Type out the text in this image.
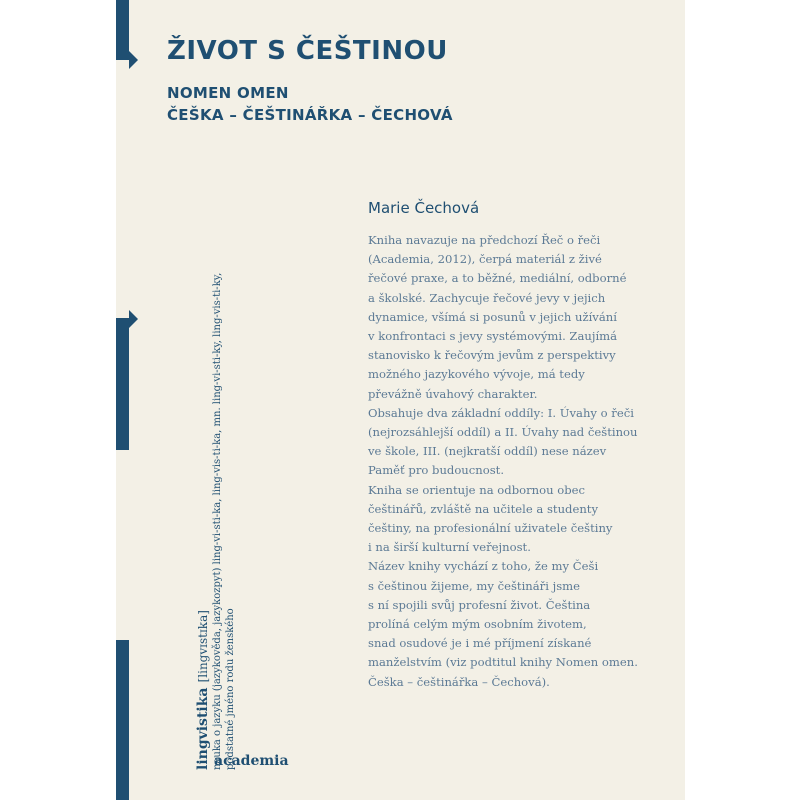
ŽIVOT S ČEŠTINOU
NOMEN OMEN
ČEŠKA – ČEŠTINÁŘKA – ČECHOVÁ
Marie Čechová

Kniha navazuje na předchozí Řeč o řeči

(Academia, 2012), čerpá materiál z živé

řečové praxe, a to běžné, mediální, odborné

a školské. Zachycuje řečové jevy v jejich

dynamice, všímá si posunů v jejich užívání

v konfrontaci s jevy systémovými. Zaujímá

stanovisko k řečovým jevům z perspektivy

možného jazykového vývoje, má tedy

převážně úvahový charakter.

Obsahuje dva základní oddíly: I. Úvahy o řeči

(nejrozsáhlejší oddíl) a II. Úvahy nad češtinou

ve škole, III. (nejkratší oddíl) nese název

Paměť pro budoucnost.

Kniha se orientuje na odbornou obec

češtinářů, zvláště na učitele a studenty

češtiny, na profesionální uživatele češtiny

i na širší kulturní veřejnost.

Název knihy vychází z toho, že my Češi

s češtinou žijeme, my češtináři jsme

s ní spojili svůj profesní život. Čeština

prolíná celým mým osobním životem,

snad osudové je i mé příjmení získané

manželstvím (viz podtitul knihy Nomen omen.

Češka – češtinářka – Čechová).

lingvistika [lingvɪstɪka] nauka o jazyku (jazykověda, jazykozpyt) ling-vi-sti-ka, ling-vis-ti-ka, mn. ling-vi-sti-ky, ling-vis-ti-ky, podstatné jméno rodu ženského
academia
